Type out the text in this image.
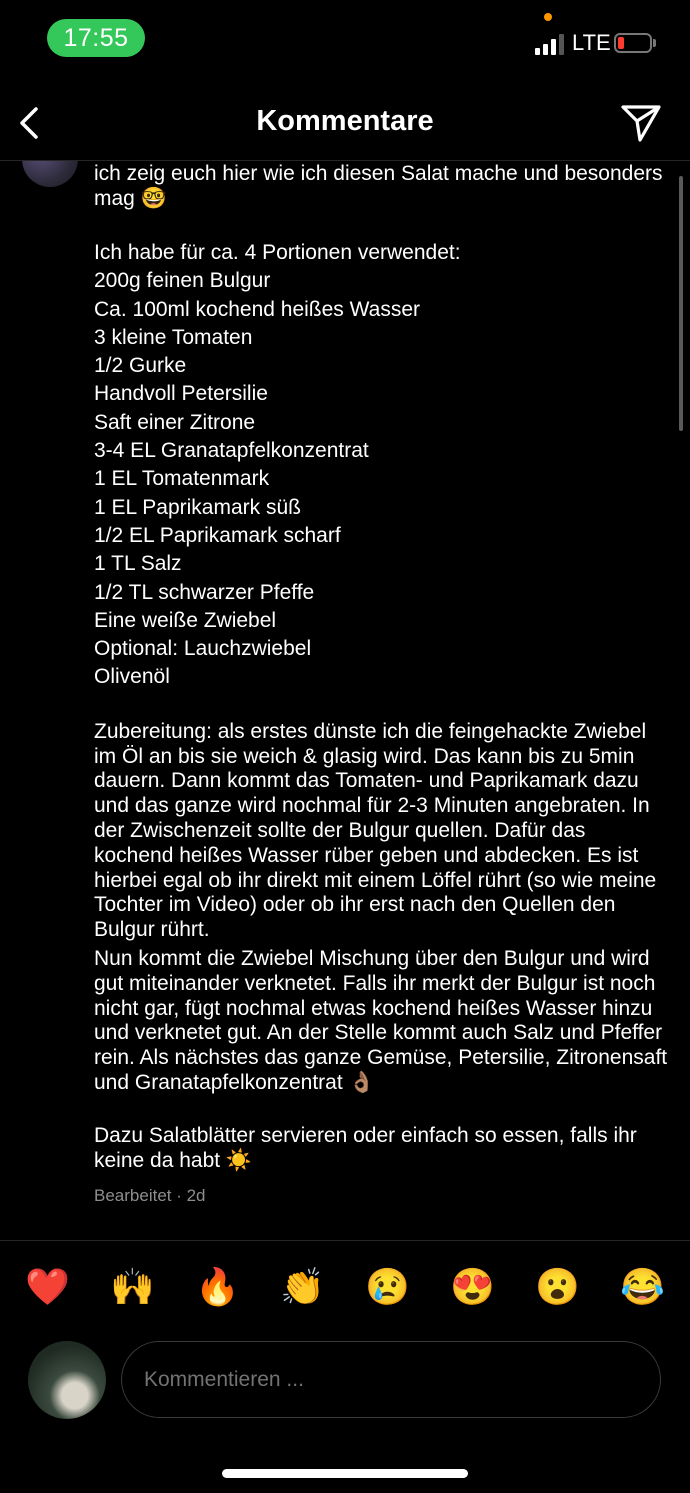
17:55	LTE
Kommentare

ich zeig euch hier wie ich diesen Salat mache und besonders mag 🤓

Ich habe für ca. 4 Portionen verwendet:

200g feinen Bulgur
Ca. 100ml kochend heißes Wasser
3 kleine Tomaten
1/2 Gurke
Handvoll Petersilie
Saft einer Zitrone
3-4 EL Granatapfelkonzentrat
1 EL Tomatenmark
1 EL Paprikamark süß
1/2 EL Paprikamark scharf
1 TL Salz
1/2 TL schwarzer Pfeffe
Eine weiße Zwiebel
Optional: Lauchzwiebel
Olivenöl

Zubereitung: als erstes dünste ich die feingehackte Zwiebel im Öl an bis sie weich & glasig wird. Das kann bis zu 5min dauern. Dann kommt das Tomaten- und Paprikamark dazu und das ganze wird nochmal für 2-3 Minuten angebraten. In der Zwischenzeit sollte der Bulgur quellen. Dafür das kochend heißes Wasser rüber geben und abdecken. Es ist hierbei egal ob ihr direkt mit einem Löffel rührt (so wie meine Tochter im Video) oder ob ihr erst nach den Quellen den Bulgur rührt.

Nun kommt die Zwiebel Mischung über den Bulgur und wird gut miteinander verknetet. Falls ihr merkt der Bulgur ist noch nicht gar, fügt nochmal etwas kochend heißes Wasser hinzu und verknetet gut. An der Stelle kommt auch Salz und Pfeffer rein. Als nächstes das ganze Gemüse, Petersilie, Zitronensaft und Granatapfelkonzentrat 👌🏽

Dazu Salatblätter servieren oder einfach so essen, falls ihr keine da habt ☀️

Bearbeitet · 2d
❤️ 🙌 🔥 👏 😢 😍 😮 😂
Kommentieren ...
